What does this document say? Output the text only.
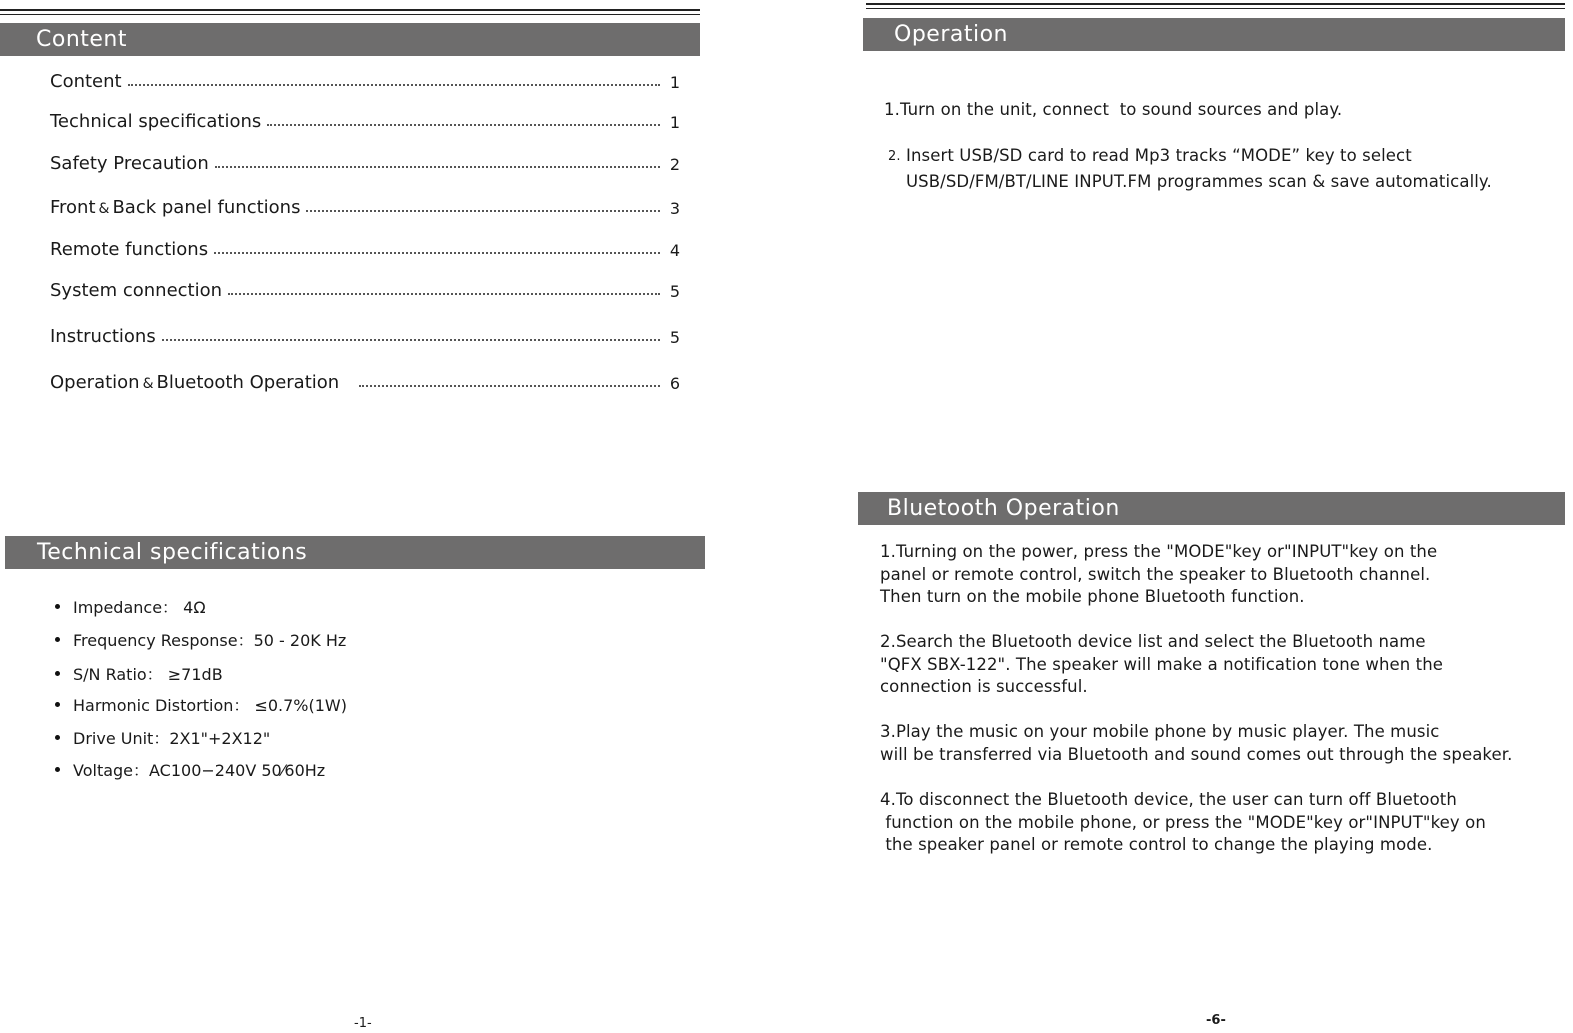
Content
Content	1
Technical specifications	1
Safety Precaution	2
Front & Back panel functions	3
Remote functions	4
System connection	5
Instructions	5
Operation & Bluetooth Operation	6
Technical specifications
Impedance： 4Ω
Frequency Response：50 - 20K Hz
S/N Ratio： ≥71dB
Harmonic Distortion： ≤0.7%(1W)
Drive Unit：2X1"+2X12"
Voltage：AC100−240V 50⁄60Hz
-1-
Operation
1.Turn on the unit, connect  to sound sources and play.
2. Insert USB/SD card to read Mp3 tracks “MODE” key to select
USB/SD/FM/BT/LINE INPUT.FM programmes scan & save automatically.
Bluetooth Operation
1.Turning on the power, press the "MODE"key or"INPUT"key on the
panel or remote control, switch the speaker to Bluetooth channel.
Then turn on the mobile phone Bluetooth function.
2.Search the Bluetooth device list and select the Bluetooth name
"QFX SBX-122". The speaker will make a notification tone when the
connection is successful.
3.Play the music on your mobile phone by music player. The music
will be transferred via Bluetooth and sound comes out through the speaker.
4.To disconnect the Bluetooth device, the user can turn off Bluetooth
function on the mobile phone, or press the "MODE"key or"INPUT"key on
the speaker panel or remote control to change the playing mode.
-6-
